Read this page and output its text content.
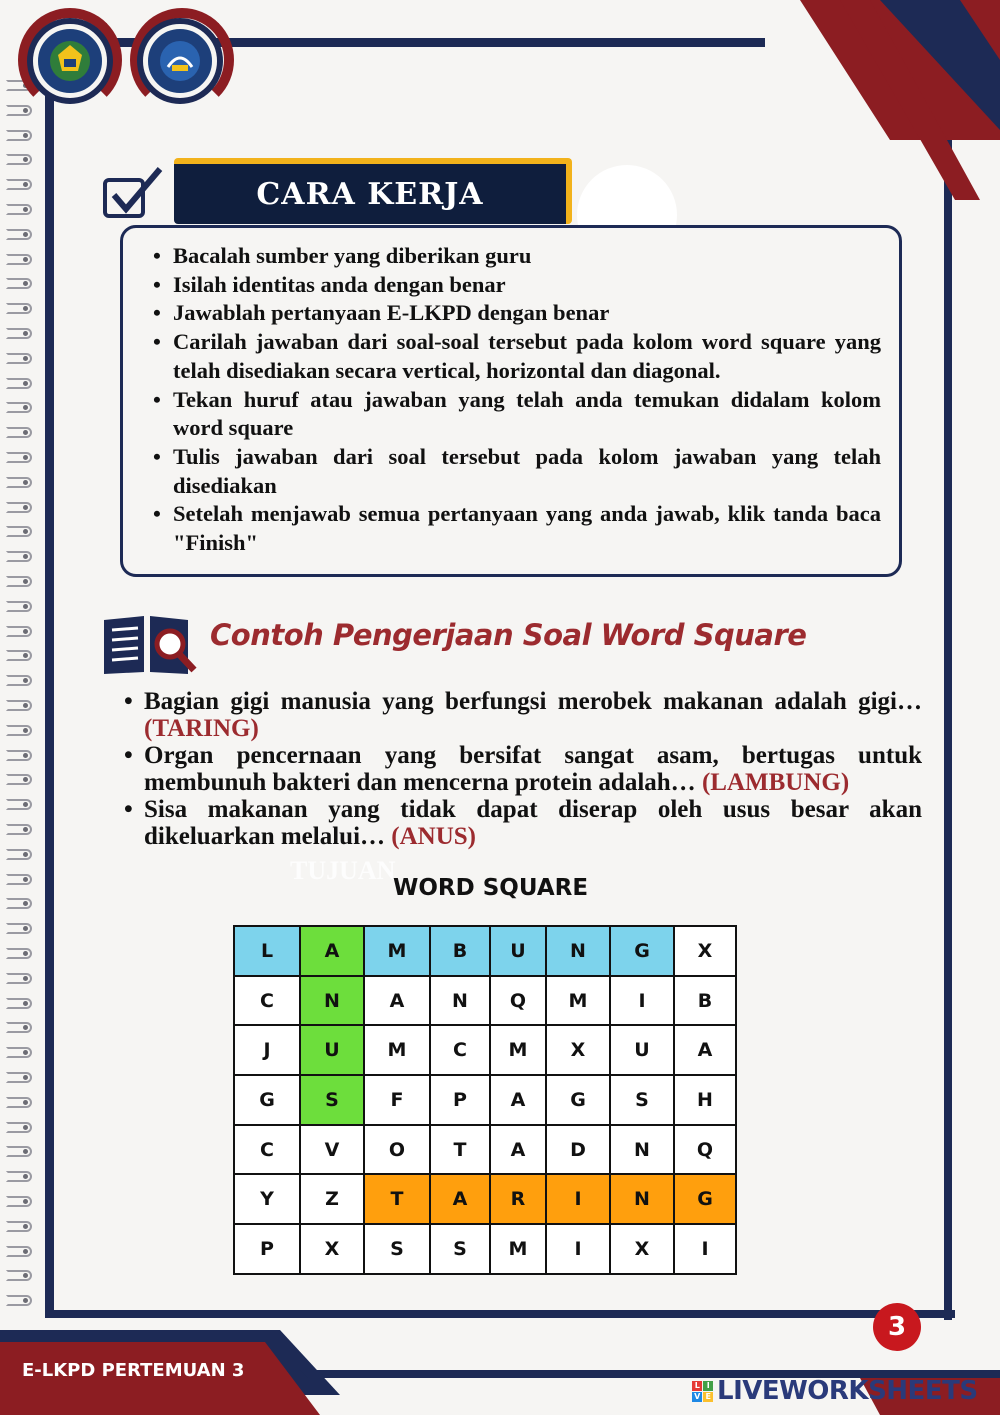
CARA KERJA
• Bacalah sumber yang diberikan guru
• Isilah identitas anda dengan benar
• Jawablah pertanyaan E-LKPD dengan benar
• Carilah jawaban dari soal-soal tersebut pada kolom word square yang telah disediakan secara vertical, horizontal dan diagonal.
• Tekan huruf atau jawaban yang telah anda temukan didalam kolom word square
• Tulis jawaban dari soal tersebut pada kolom jawaban yang telah disediakan
• Setelah menjawab semua pertanyaan yang anda jawab, klik tanda baca "Finish"
Contoh Pengerjaan Soal Word Square
• Bagian gigi manusia yang berfungsi merobek makanan adalah gigi… (TARING)
• Organ pencernaan yang bersifat sangat asam, bertugas untuk membunuh bakteri dan mencerna protein adalah… (LAMBUNG)
• Sisa makanan yang tidak dapat diserap oleh usus besar akan dikeluarkan melalui… (ANUS)
TUJUAN
WORD SQUARE
L	A	M	B	U	N	G	X
C	N	A	N	Q	M	I	B
J	U	M	C	M	X	U	A
G	S	F	P	A	G	S	H
C	V	O	T	A	D	N	Q
Y	Z	T	A	R	I	N	G
P	X	S	S	M	I	X	I
E-LKPD PERTEMUAN 3
3
L I
V E LIVEWORKSHEETS
